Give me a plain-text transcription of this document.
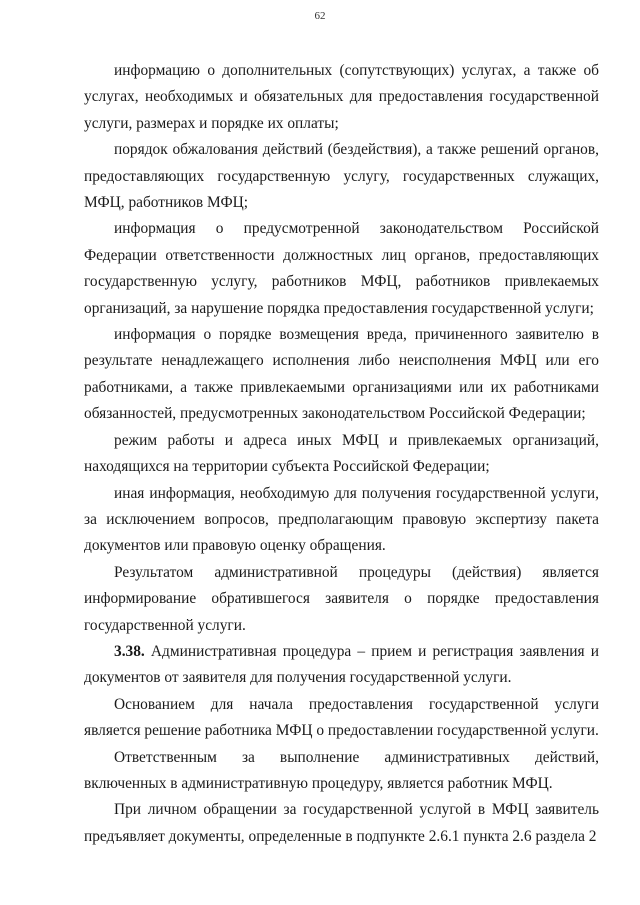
62

информацию о дополнительных (сопутствующих) услугах, а также об услугах, необходимых и обязательных для предоставления государственной услуги, размерах и порядке их оплаты;

порядок обжалования действий (бездействия), а также решений органов, предоставляющих государственную услугу, государственных служащих, МФЦ, работников МФЦ;

информация о предусмотренной законодательством Российской Федерации ответственности должностных лиц органов, предоставляющих государственную услугу, работников МФЦ, работников привлекаемых организаций, за нарушение порядка предоставления государственной услуги;

информация о порядке возмещения вреда, причиненного заявителю в результате ненадлежащего исполнения либо неисполнения МФЦ или его работниками, а также привлекаемыми организациями или их работниками обязанностей, предусмотренных законодательством Российской Федерации;

режим работы и адреса иных МФЦ и привлекаемых организаций, находящихся на территории субъекта Российской Федерации;

иная информация, необходимую для получения государственной услуги, за исключением вопросов, предполагающим правовую экспертизу пакета документов или правовую оценку обращения.

Результатом административной процедуры (действия) является информирование обратившегося заявителя о порядке предоставления государственной услуги.

3.38. Административная процедура – прием и регистрация заявления и документов от заявителя для получения государственной услуги.

Основанием для начала предоставления государственной услуги является решение работника МФЦ о предоставлении государственной услуги.

Ответственным за выполнение административных действий, включенных в административную процедуру, является работник МФЦ.

При личном обращении за государственной услугой в МФЦ заявитель предъявляет документы, определенные в подпункте 2.6.1 пункта 2.6 раздела 2
